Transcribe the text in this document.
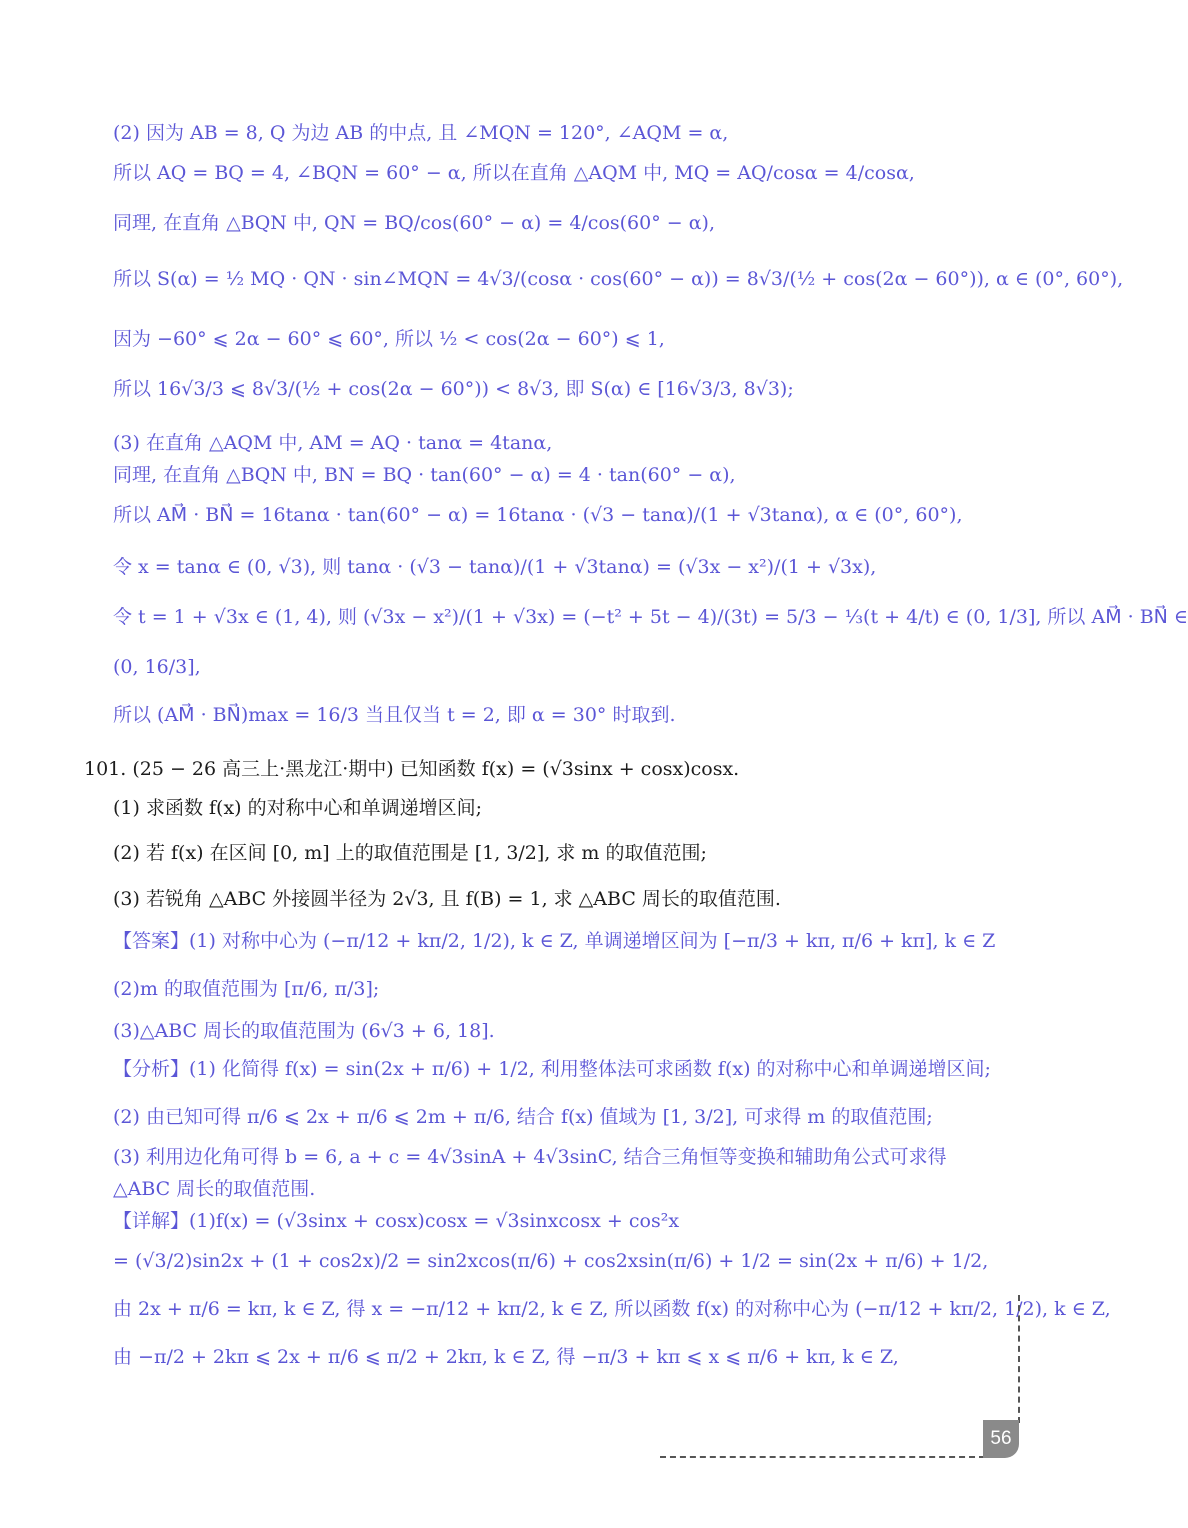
(2) 因为 AB = 8, Q 为边 AB 的中点, 且 ∠MQN = 120°, ∠AQM = α,
所以 AQ = BQ = 4, ∠BQN = 60° − α, 所以在直角 △AQM 中, MQ = AQ/cosα = 4/cosα,
同理, 在直角 △BQN 中, QN = BQ/cos(60° − α) = 4/cos(60° − α),
所以 S(α) = ½ MQ · QN · sin∠MQN = 4√3/(cosα · cos(60° − α)) = 8√3/(½ + cos(2α − 60°)), α ∈ (0°, 60°),
因为 −60° ⩽ 2α − 60° ⩽ 60°, 所以 ½ < cos(2α − 60°) ⩽ 1,
所以 16√3/3 ⩽ 8√3/(½ + cos(2α − 60°)) < 8√3, 即 S(α) ∈ [16√3/3, 8√3);
(3) 在直角 △AQM 中, AM = AQ · tanα = 4tanα,
同理, 在直角 △BQN 中, BN = BQ · tan(60° − α) = 4 · tan(60° − α),
所以 AM⃗ · BN⃗ = 16tanα · tan(60° − α) = 16tanα · (√3 − tanα)/(1 + √3tanα), α ∈ (0°, 60°),
令 x = tanα ∈ (0, √3), 则 tanα · (√3 − tanα)/(1 + √3tanα) = (√3x − x²)/(1 + √3x),
令 t = 1 + √3x ∈ (1, 4), 则 (√3x − x²)/(1 + √3x) = (−t² + 5t − 4)/(3t) = 5/3 − ⅓(t + 4/t) ∈ (0, 1/3], 所以 AM⃗ · BN⃗ ∈
(0, 16/3],
所以 (AM⃗ · BN⃗)max = 16/3 当且仅当 t = 2, 即 α = 30° 时取到.
101. (25 − 26 高三上·黑龙江·期中) 已知函数 f(x) = (√3sinx + cosx)cosx.
(1) 求函数 f(x) 的对称中心和单调递增区间;
(2) 若 f(x) 在区间 [0, m] 上的取值范围是 [1, 3/2], 求 m 的取值范围;
(3) 若锐角 △ABC 外接圆半径为 2√3, 且 f(B) = 1, 求 △ABC 周长的取值范围.
【答案】(1) 对称中心为 (−π/12 + kπ/2, 1/2), k ∈ Z, 单调递增区间为 [−π/3 + kπ, π/6 + kπ], k ∈ Z
(2)m 的取值范围为 [π/6, π/3];
(3)△ABC 周长的取值范围为 (6√3 + 6, 18].
【分析】(1) 化简得 f(x) = sin(2x + π/6) + 1/2, 利用整体法可求函数 f(x) 的对称中心和单调递增区间;
(2) 由已知可得 π/6 ⩽ 2x + π/6 ⩽ 2m + π/6, 结合 f(x) 值域为 [1, 3/2], 可求得 m 的取值范围;
(3) 利用边化角可得 b = 6, a + c = 4√3sinA + 4√3sinC, 结合三角恒等变换和辅助角公式可求得
△ABC 周长的取值范围.
【详解】(1)f(x) = (√3sinx + cosx)cosx = √3sinxcosx + cos²x
= (√3/2)sin2x + (1 + cos2x)/2 = sin2xcos(π/6) + cos2xsin(π/6) + 1/2 = sin(2x + π/6) + 1/2,
由 2x + π/6 = kπ, k ∈ Z, 得 x = −π/12 + kπ/2, k ∈ Z, 所以函数 f(x) 的对称中心为 (−π/12 + kπ/2, 1/2), k ∈ Z,
由 −π/2 + 2kπ ⩽ 2x + π/6 ⩽ π/2 + 2kπ, k ∈ Z, 得 −π/3 + kπ ⩽ x ⩽ π/6 + kπ, k ∈ Z,
56
